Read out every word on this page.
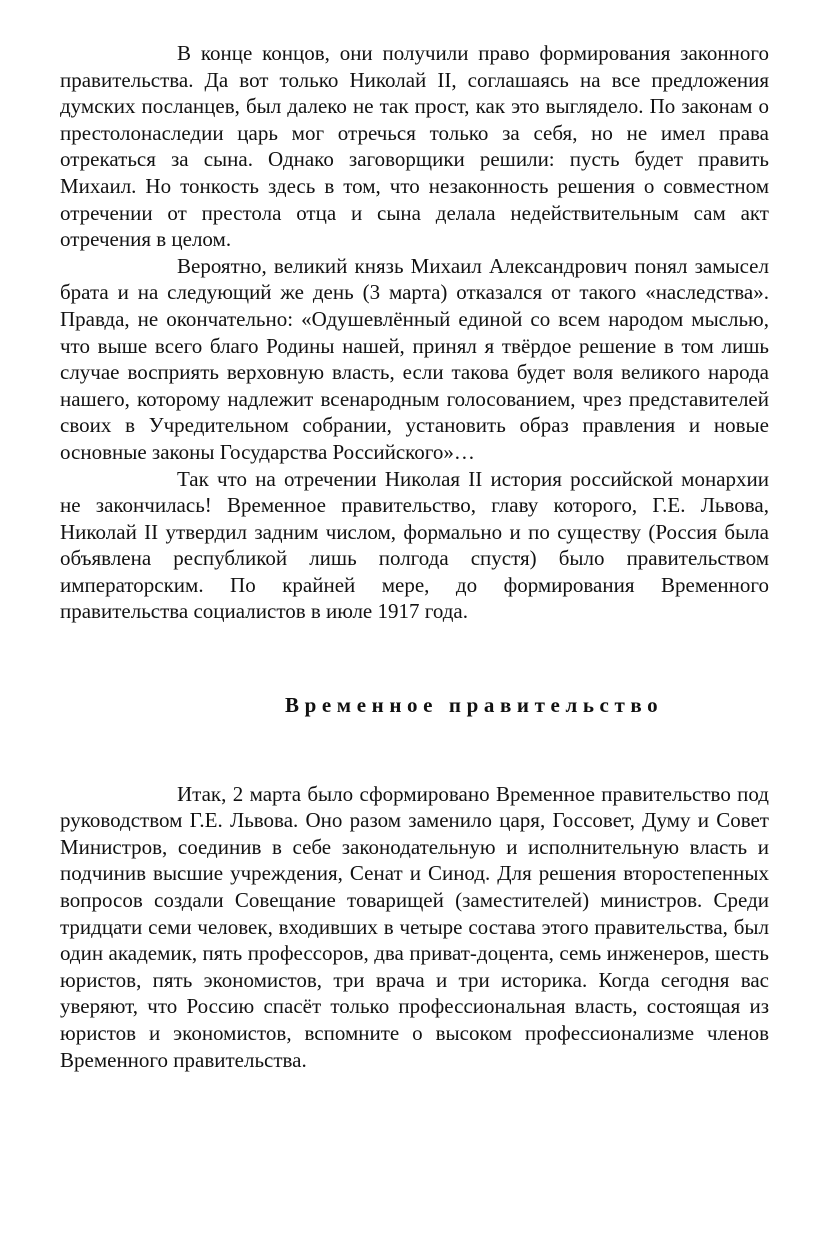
В конце концов, они получили право формирования законного правительства. Да вот только Николай II, соглашаясь на все предложения думских посланцев, был далеко не так прост, как это выглядело. По законам о престолонаследии царь мог отречься только за себя, но не имел права отрекаться за сына. Однако заговорщики решили: пусть будет править Михаил. Но тонкость здесь в том, что незаконность решения о совместном отречении от престола отца и сына делала недействительным сам акт отречения в целом.

Вероятно, великий князь Михаил Александрович понял замысел брата и на следующий же день (3 марта) отказался от такого «наследства». Правда, не окончательно: «Одушевлённый единой со всем народом мыслью, что выше всего благо Родины нашей, принял я твёрдое решение в том лишь случае восприять верховную власть, если такова будет воля великого народа нашего, которому надлежит всенародным голосованием, чрез представителей своих в Учредительном собрании, установить образ правления и новые основные законы Государства Российского»…

Так что на отречении Николая II история российской монархии не закончилась! Временное правительство, главу которого, Г.Е. Львова, Николай II утвердил задним числом, формально и по существу (Россия была объявлена республикой лишь полгода спустя) было правительством императорским. По крайней мере, до формирования Временного правительства социалистов в июле 1917 года.

Временное правительство

Итак, 2 марта было сформировано Временное правительство под руководством Г.Е. Львова. Оно разом заменило царя, Госсовет, Думу и Совет Министров, соединив в себе законодательную и исполнительную власть и подчинив высшие учреждения, Сенат и Синод. Для решения второстепенных вопросов создали Совещание товарищей (заместителей) министров. Среди тридцати семи человек, входивших в четыре состава этого правительства, был один академик, пять профессоров, два приват-доцента, семь инженеров, шесть юристов, пять экономистов, три врача и три историка. Когда сегодня вас уверяют, что Россию спасёт только профессиональная власть, состоящая из юристов и экономистов, вспомните о высоком профессионализме членов Временного правительства.
